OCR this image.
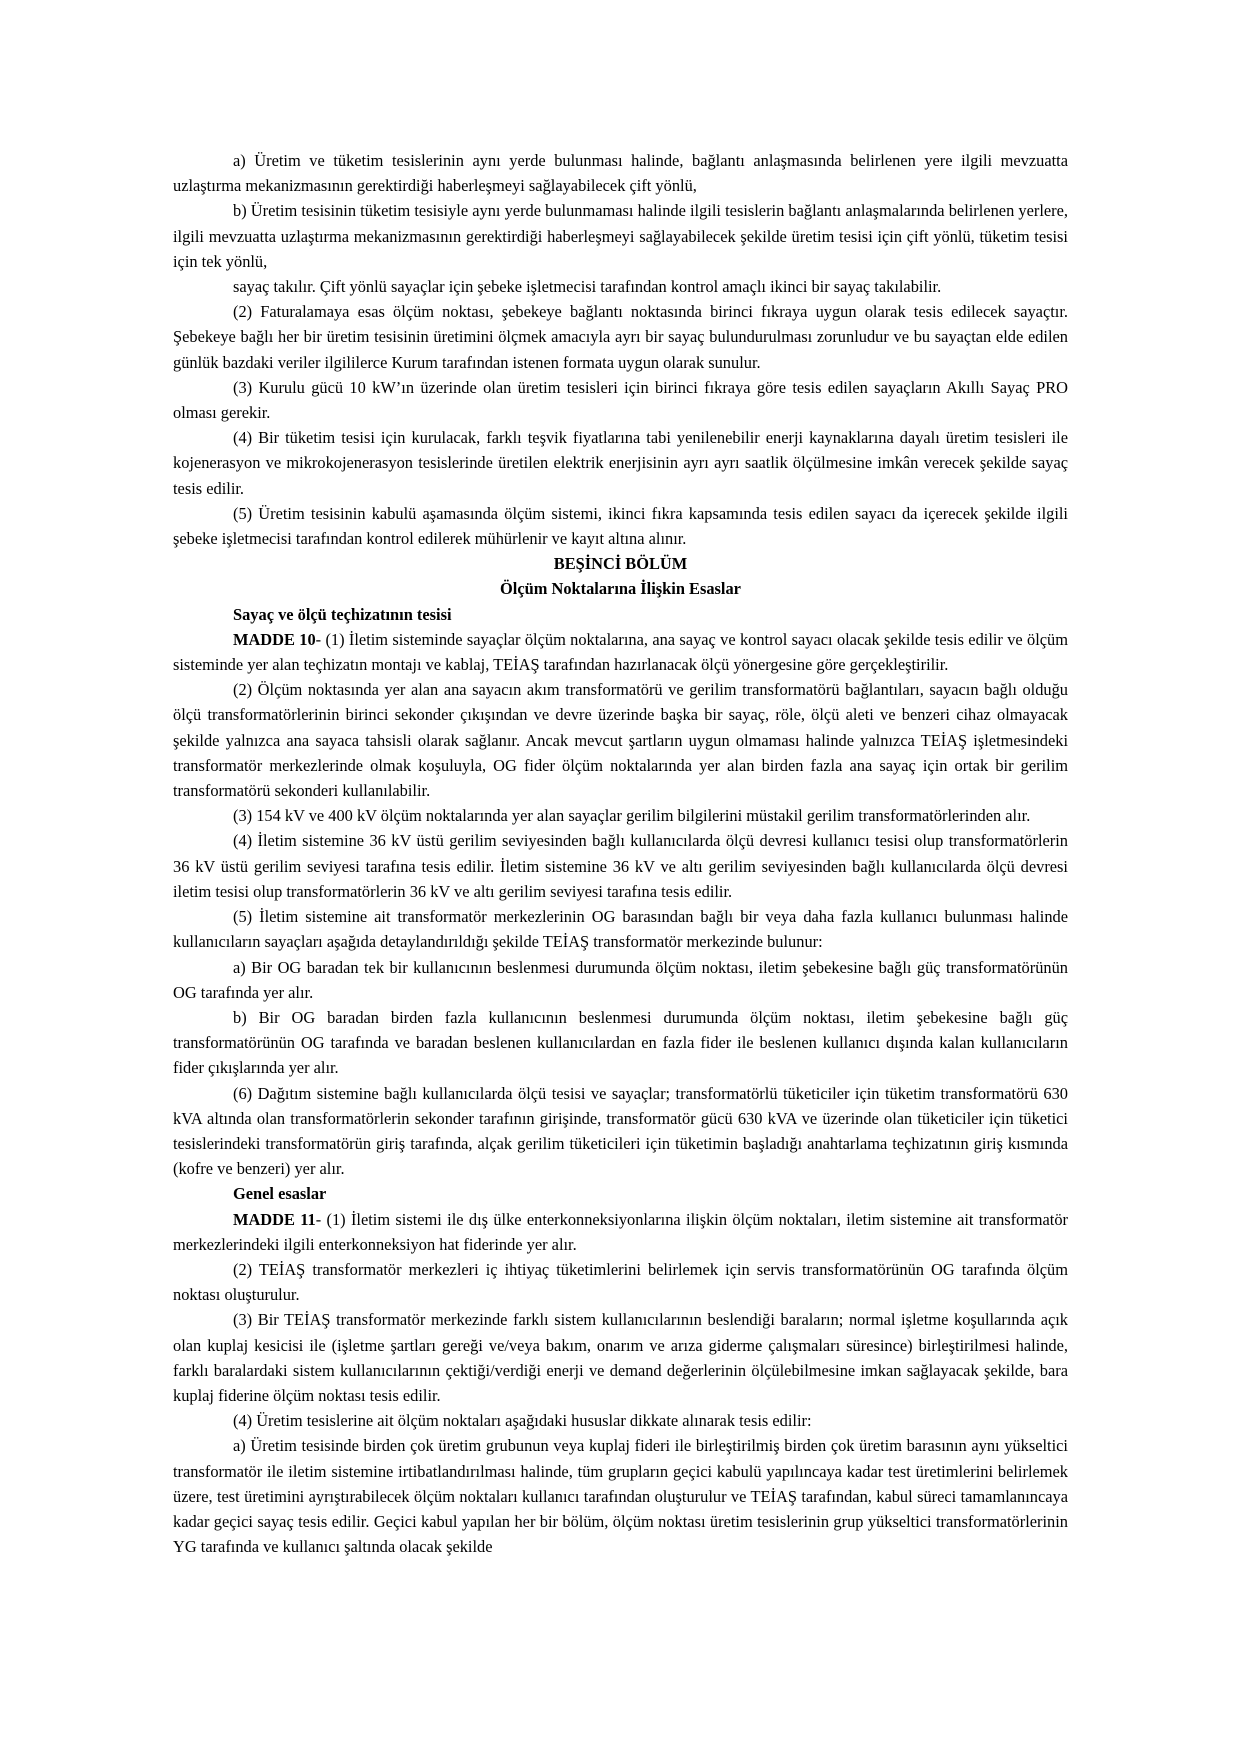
a) Üretim ve tüketim tesislerinin aynı yerde bulunması halinde, bağlantı anlaşmasında belirlenen yere ilgili mevzuatta uzlaştırma mekanizmasının gerektirdiği haberleşmeyi sağlayabilecek çift yönlü,

b) Üretim tesisinin tüketim tesisiyle aynı yerde bulunmaması halinde ilgili tesislerin bağlantı anlaşmalarında belirlenen yerlere, ilgili mevzuatta uzlaştırma mekanizmasının gerektirdiği haberleşmeyi sağlayabilecek şekilde üretim tesisi için çift yönlü, tüketim tesisi için tek yönlü,

sayaç takılır. Çift yönlü sayaçlar için şebeke işletmecisi tarafından kontrol amaçlı ikinci bir sayaç takılabilir.

(2) Faturalamaya esas ölçüm noktası, şebekeye bağlantı noktasında birinci fıkraya uygun olarak tesis edilecek sayaçtır. Şebekeye bağlı her bir üretim tesisinin üretimini ölçmek amacıyla ayrı bir sayaç bulundurulması zorunludur ve bu sayaçtan elde edilen günlük bazdaki veriler ilgililerce Kurum tarafından istenen formata uygun olarak sunulur.

(3) Kurulu gücü 10 kW’ın üzerinde olan üretim tesisleri için birinci fıkraya göre tesis edilen sayaçların Akıllı Sayaç PRO olması gerekir.

(4) Bir tüketim tesisi için kurulacak, farklı teşvik fiyatlarına tabi yenilenebilir enerji kaynaklarına dayalı üretim tesisleri ile kojenerasyon ve mikrokojenerasyon tesislerinde üretilen elektrik enerjisinin ayrı ayrı saatlik ölçülmesine imkân verecek şekilde sayaç tesis edilir.

(5) Üretim tesisinin kabulü aşamasında ölçüm sistemi, ikinci fıkra kapsamında tesis edilen sayacı da içerecek şekilde ilgili şebeke işletmecisi tarafından kontrol edilerek mühürlenir ve kayıt altına alınır.

BEŞİNCİ BÖLÜM
Ölçüm Noktalarına İlişkin Esaslar
Sayaç ve ölçü teçhizatının tesisi

MADDE 10- (1) İletim sisteminde sayaçlar ölçüm noktalarına, ana sayaç ve kontrol sayacı olacak şekilde tesis edilir ve ölçüm sisteminde yer alan teçhizatın montajı ve kablaj, TEİAŞ tarafından hazırlanacak ölçü yönergesine göre gerçekleştirilir.

(2) Ölçüm noktasında yer alan ana sayacın akım transformatörü ve gerilim transformatörü bağlantıları, sayacın bağlı olduğu ölçü transformatörlerinin birinci sekonder çıkışından ve devre üzerinde başka bir sayaç, röle, ölçü aleti ve benzeri cihaz olmayacak şekilde yalnızca ana sayaca tahsisli olarak sağlanır. Ancak mevcut şartların uygun olmaması halinde yalnızca TEİAŞ işletmesindeki transformatör merkezlerinde olmak koşuluyla, OG fider ölçüm noktalarında yer alan birden fazla ana sayaç için ortak bir gerilim transformatörü sekonderi kullanılabilir.

(3) 154 kV ve 400 kV ölçüm noktalarında yer alan sayaçlar gerilim bilgilerini müstakil gerilim transformatörlerinden alır.

(4) İletim sistemine 36 kV üstü gerilim seviyesinden bağlı kullanıcılarda ölçü devresi kullanıcı tesisi olup transformatörlerin 36 kV üstü gerilim seviyesi tarafına tesis edilir. İletim sistemine 36 kV ve altı gerilim seviyesinden bağlı kullanıcılarda ölçü devresi iletim tesisi olup transformatörlerin 36 kV ve altı gerilim seviyesi tarafına tesis edilir.

(5) İletim sistemine ait transformatör merkezlerinin OG barasından bağlı bir veya daha fazla kullanıcı bulunması halinde kullanıcıların sayaçları aşağıda detaylandırıldığı şekilde TEİAŞ transformatör merkezinde bulunur:

a) Bir OG baradan tek bir kullanıcının beslenmesi durumunda ölçüm noktası, iletim şebekesine bağlı güç transformatörünün OG tarafında yer alır.

b) Bir OG baradan birden fazla kullanıcının beslenmesi durumunda ölçüm noktası, iletim şebekesine bağlı güç transformatörünün OG tarafında ve baradan beslenen kullanıcılardan en fazla fider ile beslenen kullanıcı dışında kalan kullanıcıların fider çıkışlarında yer alır.

(6) Dağıtım sistemine bağlı kullanıcılarda ölçü tesisi ve sayaçlar; transformatörlü tüketiciler için tüketim transformatörü 630 kVA altında olan transformatörlerin sekonder tarafının girişinde, transformatör gücü 630 kVA ve üzerinde olan tüketiciler için tüketici tesislerindeki transformatörün giriş tarafında, alçak gerilim tüketicileri için tüketimin başladığı anahtarlama teçhizatının giriş kısmında (kofre ve benzeri) yer alır.

Genel esaslar

MADDE 11- (1) İletim sistemi ile dış ülke enterkonneksiyonlarına ilişkin ölçüm noktaları, iletim sistemine ait transformatör merkezlerindeki ilgili enterkonneksiyon hat fiderinde yer alır.

(2) TEİAŞ transformatör merkezleri iç ihtiyaç tüketimlerini belirlemek için servis transformatörünün OG tarafında ölçüm noktası oluşturulur.

(3) Bir TEİAŞ transformatör merkezinde farklı sistem kullanıcılarının beslendiği baraların; normal işletme koşullarında açık olan kuplaj kesicisi ile (işletme şartları gereği ve/veya bakım, onarım ve arıza giderme çalışmaları süresince) birleştirilmesi halinde, farklı baralardaki sistem kullanıcılarının çektiği/verdiği enerji ve demand değerlerinin ölçülebilmesine imkan sağlayacak şekilde, bara kuplaj fiderine ölçüm noktası tesis edilir.

(4) Üretim tesislerine ait ölçüm noktaları aşağıdaki hususlar dikkate alınarak tesis edilir:

a) Üretim tesisinde birden çok üretim grubunun veya kuplaj fideri ile birleştirilmiş birden çok üretim barasının aynı yükseltici transformatör ile iletim sistemine irtibatlandırılması halinde, tüm grupların geçici kabulü yapılıncaya kadar test üretimlerini belirlemek üzere, test üretimini ayrıştırabilecek ölçüm noktaları kullanıcı tarafından oluşturulur ve TEİAŞ tarafından, kabul süreci tamamlanıncaya kadar geçici sayaç tesis edilir. Geçici kabul yapılan her bir bölüm, ölçüm noktası üretim tesislerinin grup yükseltici transformatörlerinin YG tarafında ve kullanıcı şaltında olacak şekilde
